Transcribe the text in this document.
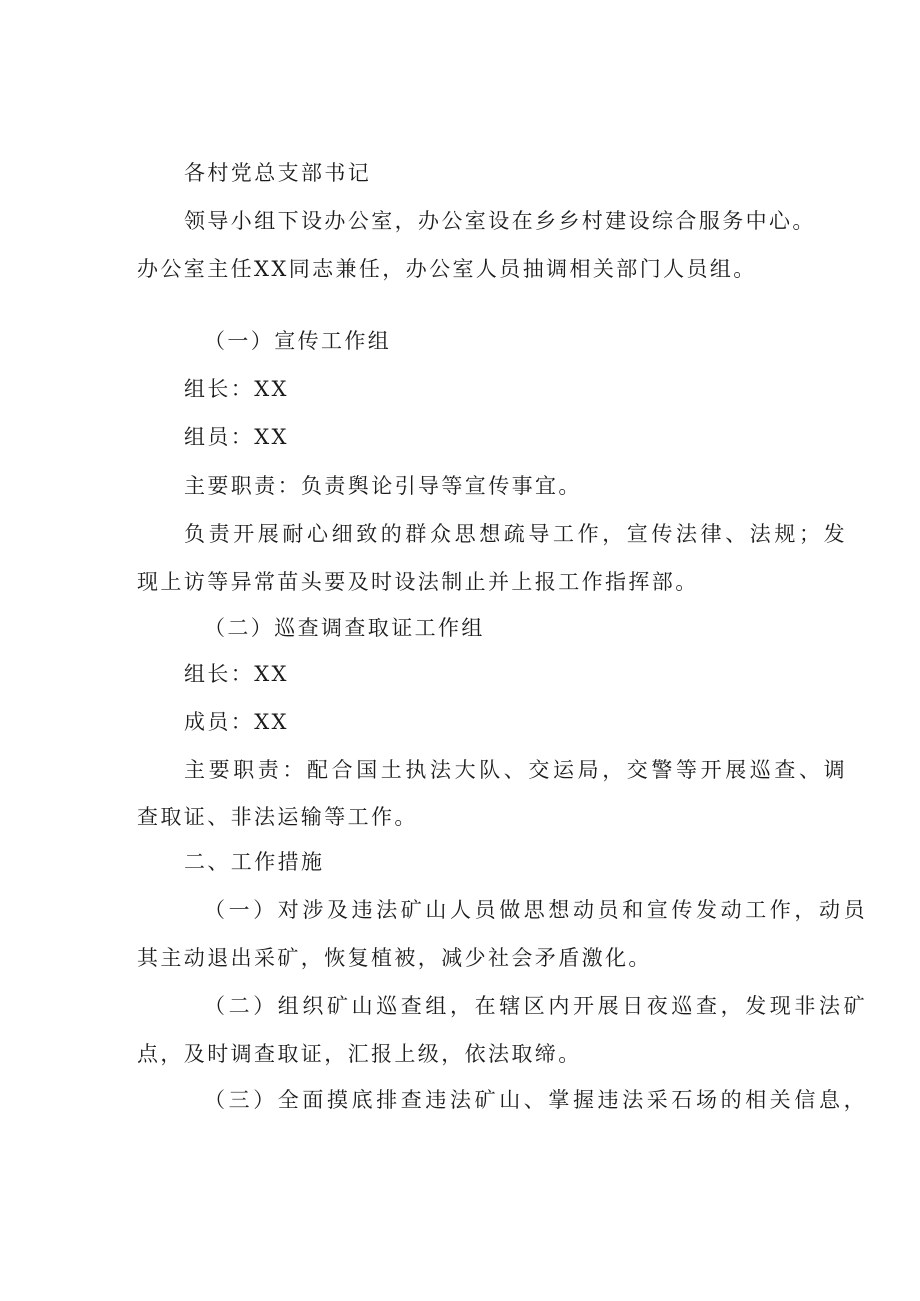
各村党总支部书记
领导小组下设办公室，办公室设在乡乡村建设综合服务中心。
办公室主任XX同志兼任，办公室人员抽调相关部门人员组。
（一）宣传工作组
组长：XX
组员：XX
主要职责：负责舆论引导等宣传事宜。
负责开展耐心细致的群众思想疏导工作，宣传法律、法规；发
现上访等异常苗头要及时设法制止并上报工作指挥部。
（二）巡查调查取证工作组
组长：XX
成员：XX
主要职责：配合国土执法大队、交运局，交警等开展巡查、调
查取证、非法运输等工作。
二、工作措施
（一）对涉及违法矿山人员做思想动员和宣传发动工作，动员
其主动退出采矿，恢复植被，减少社会矛盾激化。
（二）组织矿山巡查组，在辖区内开展日夜巡查，发现非法矿
点，及时调查取证，汇报上级，依法取缔。
（三）全面摸底排查违法矿山、掌握违法采石场的相关信息，
